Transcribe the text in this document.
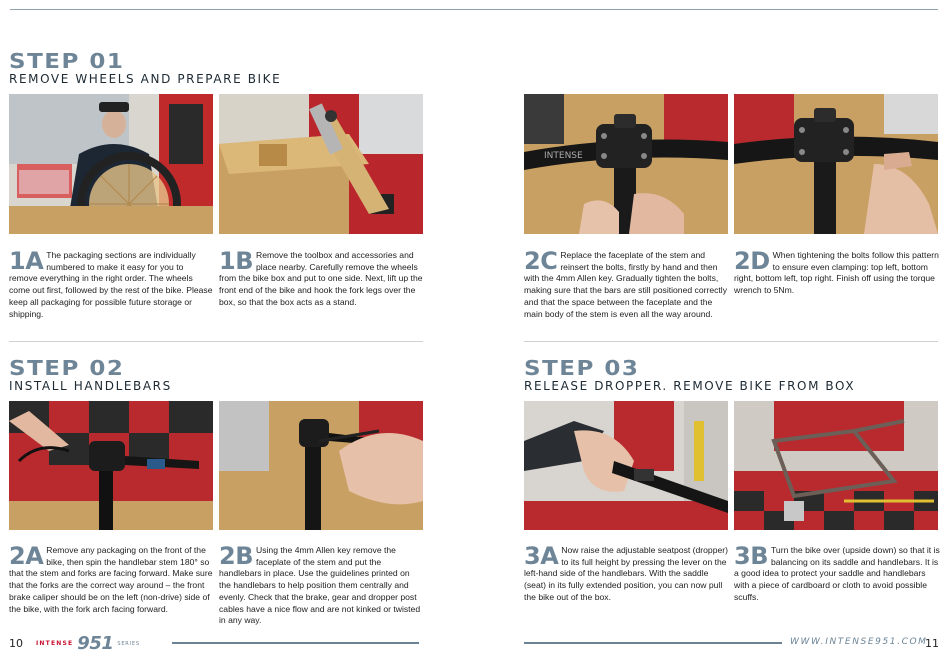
STEP 01
REMOVE WHEELS AND PREPARE BIKE
1A The packaging sections are individually numbered to make it easy for you to remove everything in the right order. The wheels come out first, followed by the rest of the bike. Please keep all packaging for possible future storage or shipping.
1B Remove the toolbox and accessories and place nearby. Carefully remove the wheels from the bike box and put to one side. Next, lift up the front end of the bike and hook the fork legs over the box, so that the box acts as a stand.
INTENSE
2C Replace the faceplate of the stem and reinsert the bolts, firstly by hand and then with the 4mm Allen key. Gradually tighten the bolts, making sure that the bars are still positioned correctly and that the space between the faceplate and the main body of the stem is even all the way around.
2D When tightening the bolts follow this pattern to ensure even clamping: top left, bottom right, bottom left, top right. Finish off using the torque wrench to 5Nm.
STEP 02
INSTALL HANDLEBARS
2A Remove any packaging on the front of the bike, then spin the handlebar stem 180° so that the stem and forks are facing forward. Make sure that the forks are the correct way around – the front brake caliper should be on the left (non-drive) side of the bike, with the fork arch facing forward.
2B Using the 4mm Allen key remove the faceplate of the stem and put the handlebars in place. Use the guidelines printed on the handlebars to help position them centrally and evenly. Check that the brake, gear and dropper post cables have a nice flow and are not kinked or twisted in any way.
STEP 03
RELEASE DROPPER. REMOVE BIKE FROM BOX
3A Now raise the adjustable seatpost (dropper) to its full height by pressing the lever on the left-hand side of the handlebars. With the saddle (seat) in its fully extended position, you can now pull the bike out of the box.
3B Turn the bike over (upside down) so that it is balancing on its saddle and handlebars. It is a good idea to protect your saddle and handlebars with a piece of cardboard or cloth to avoid possible scuffs.
10 INTENSE 951 SERIES	WWW.INTENSE951.COM
11
